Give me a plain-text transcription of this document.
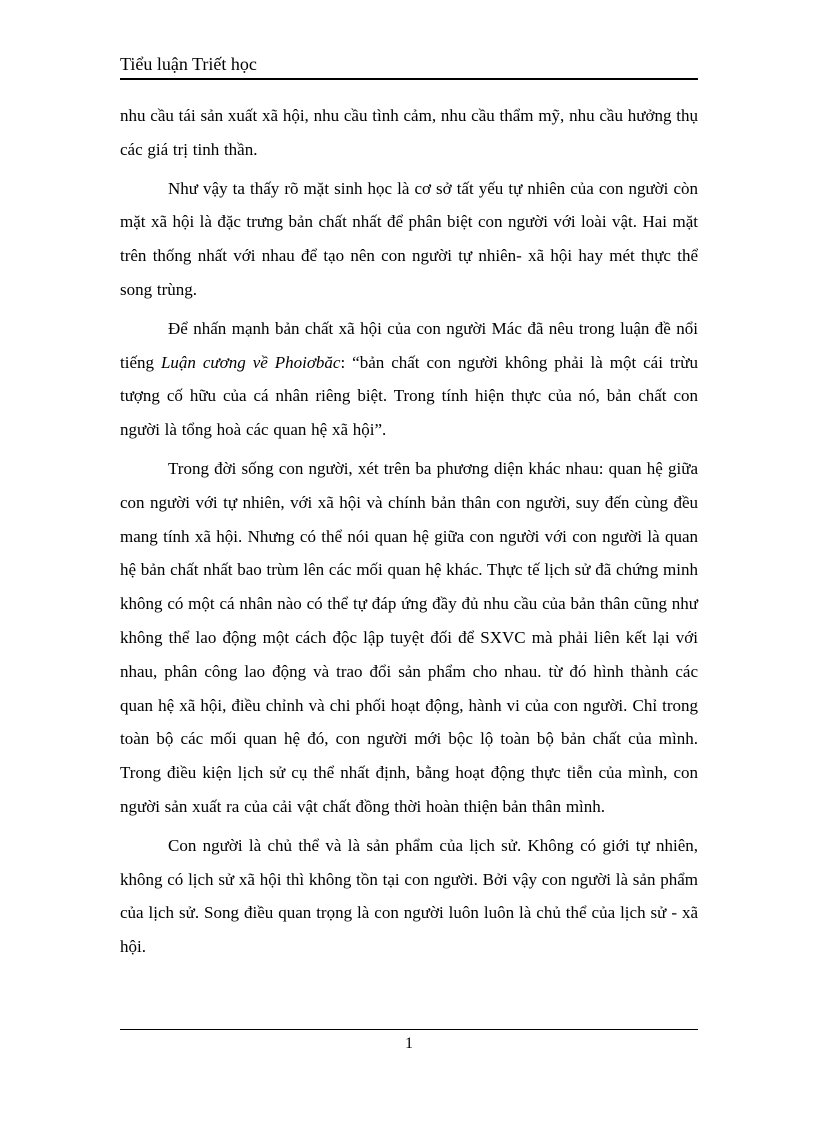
Tiểu luận Triết học

nhu cầu tái sản xuất xã hội, nhu cầu tình cảm, nhu cầu thẩm mỹ, nhu cầu hưởng thụ các giá trị tinh thần.

Như vậy ta thấy rõ mặt sinh học là cơ sở tất yếu tự nhiên của con người còn mặt xã hội là đặc trưng bản chất nhất để phân biệt con người với loài vật. Hai mặt trên thống nhất với nhau để tạo nên con người tự nhiên- xã hội hay mét thực thể song trùng.

Để nhấn mạnh bản chất xã hội của con người Mác đã nêu trong luận đề nổi tiếng Luận cương về Phoiơbăc: “bản chất con người không phải là một cái trừu tượng cố hữu của cá nhân riêng biệt. Trong tính hiện thực của nó, bản chất con người là tổng hoà các quan hệ xã hội”.

Trong đời sống con người, xét trên ba phương diện khác nhau: quan hệ giữa con người với tự nhiên, với xã hội và chính bản thân con người, suy đến cùng đều mang tính xã hội. Nhưng có thể nói quan hệ giữa con người với con người là quan hệ bản chất nhất bao trùm lên các mối quan hệ khác. Thực tế lịch sử đã chứng minh không có một cá nhân nào có thể tự đáp ứng đầy đủ nhu cầu của bản thân cũng như không thể lao động một cách độc lập tuyệt đối để SXVC mà phải liên kết lại với nhau, phân công lao động và trao đổi sản phẩm cho nhau. từ đó hình thành các quan hệ xã hội, điều chỉnh và chi phối hoạt động, hành vi của con người. Chỉ trong toàn bộ các mối quan hệ đó, con người mới bộc lộ toàn bộ bản chất của mình. Trong điều kiện lịch sử cụ thể nhất định, bằng hoạt động thực tiễn của mình, con người sản xuất ra của cải vật chất đồng thời hoàn thiện bản thân mình.

Con người là chủ thể và là sản phẩm của lịch sử. Không có giới tự nhiên, không có lịch sử xã hội thì không tồn tại con người. Bởi vậy con người là sản phẩm của lịch sử. Song điều quan trọng là con người luôn luôn là chủ thể của lịch sử - xã hội.

1
